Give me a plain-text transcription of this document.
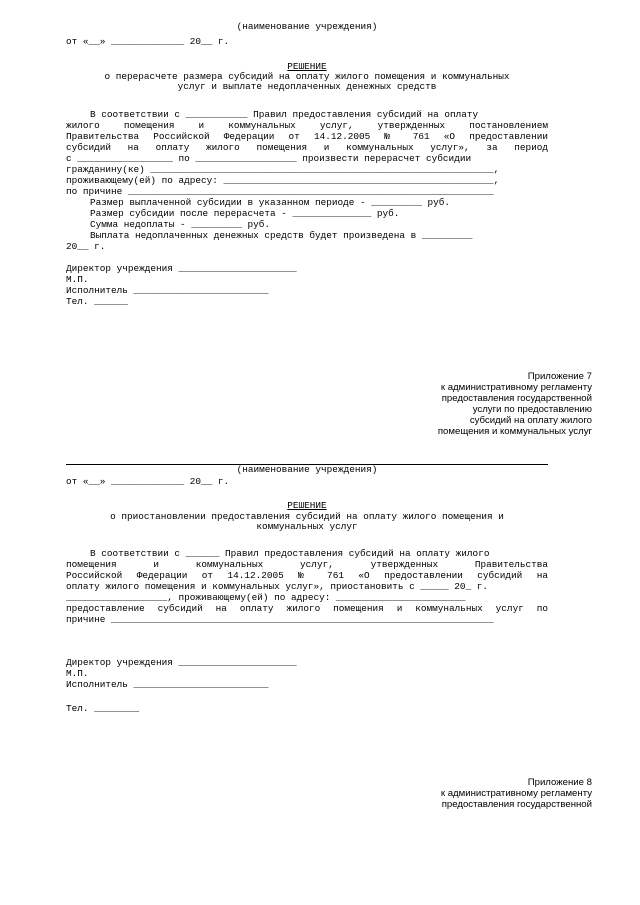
(наименование учреждения)
от «__» _____________ 20__ г.
РЕШЕНИЕ
о перерасчете размера субсидий на оплату жилого помещения и коммунальных
услуг и выплате недоплаченных денежных средств
В соответствии с ___________ Правил предоставления субсидий на оплату
жилого помещения и коммунальных услуг, утвержденных постановлением
Правительства Российской Федерации от 14.12.2005 № 761 «О предоставлении
субсидий на оплату жилого помещения и коммунальных услуг», за период
с _________________ по __________________ произвести перерасчет субсидии
гражданину(ке) _____________________________________________________________,
проживающему(ей) по адресу: ________________________________________________,
по причине _________________________________________________________________
Размер выплаченной субсидии в указанном периоде - _________ руб.
Размер субсидии после перерасчета - ______________ руб.
Сумма недоплаты - _________ руб.
Выплата недоплаченных денежных средств будет произведена в _________
20__ г.
Директор учреждения _____________________
М.П.
Исполнитель ________________________
Тел. ______
Приложение 7
к административному регламенту
предоставления государственной
услуги по предоставлению
субсидий на оплату жилого
помещения и коммунальных услуг
(наименование учреждения)
от «__» _____________ 20__ г.
РЕШЕНИЕ
о приостановлении предоставления субсидий на оплату жилого помещения и
коммунальных услуг
В соответствии с ______ Правил предоставления субсидий на оплату жилого
помещения и коммунальных услуг, утвержденных Правительства
Российской Федерации от 14.12.2005 № 761 «О предоставлении субсидий на
оплату жилого помещения и коммунальных услуг», приостановить с _____ 20_ г.
__________________, проживающему(ей) по адресу: _______________________
предоставление субсидий на оплату жилого помещения и коммунальных услуг по
причине ____________________________________________________________________
Директор учреждения _____________________
М.П.
Исполнитель ________________________
Тел. ________
Приложение 8
к административному регламенту
предоставления государственной
